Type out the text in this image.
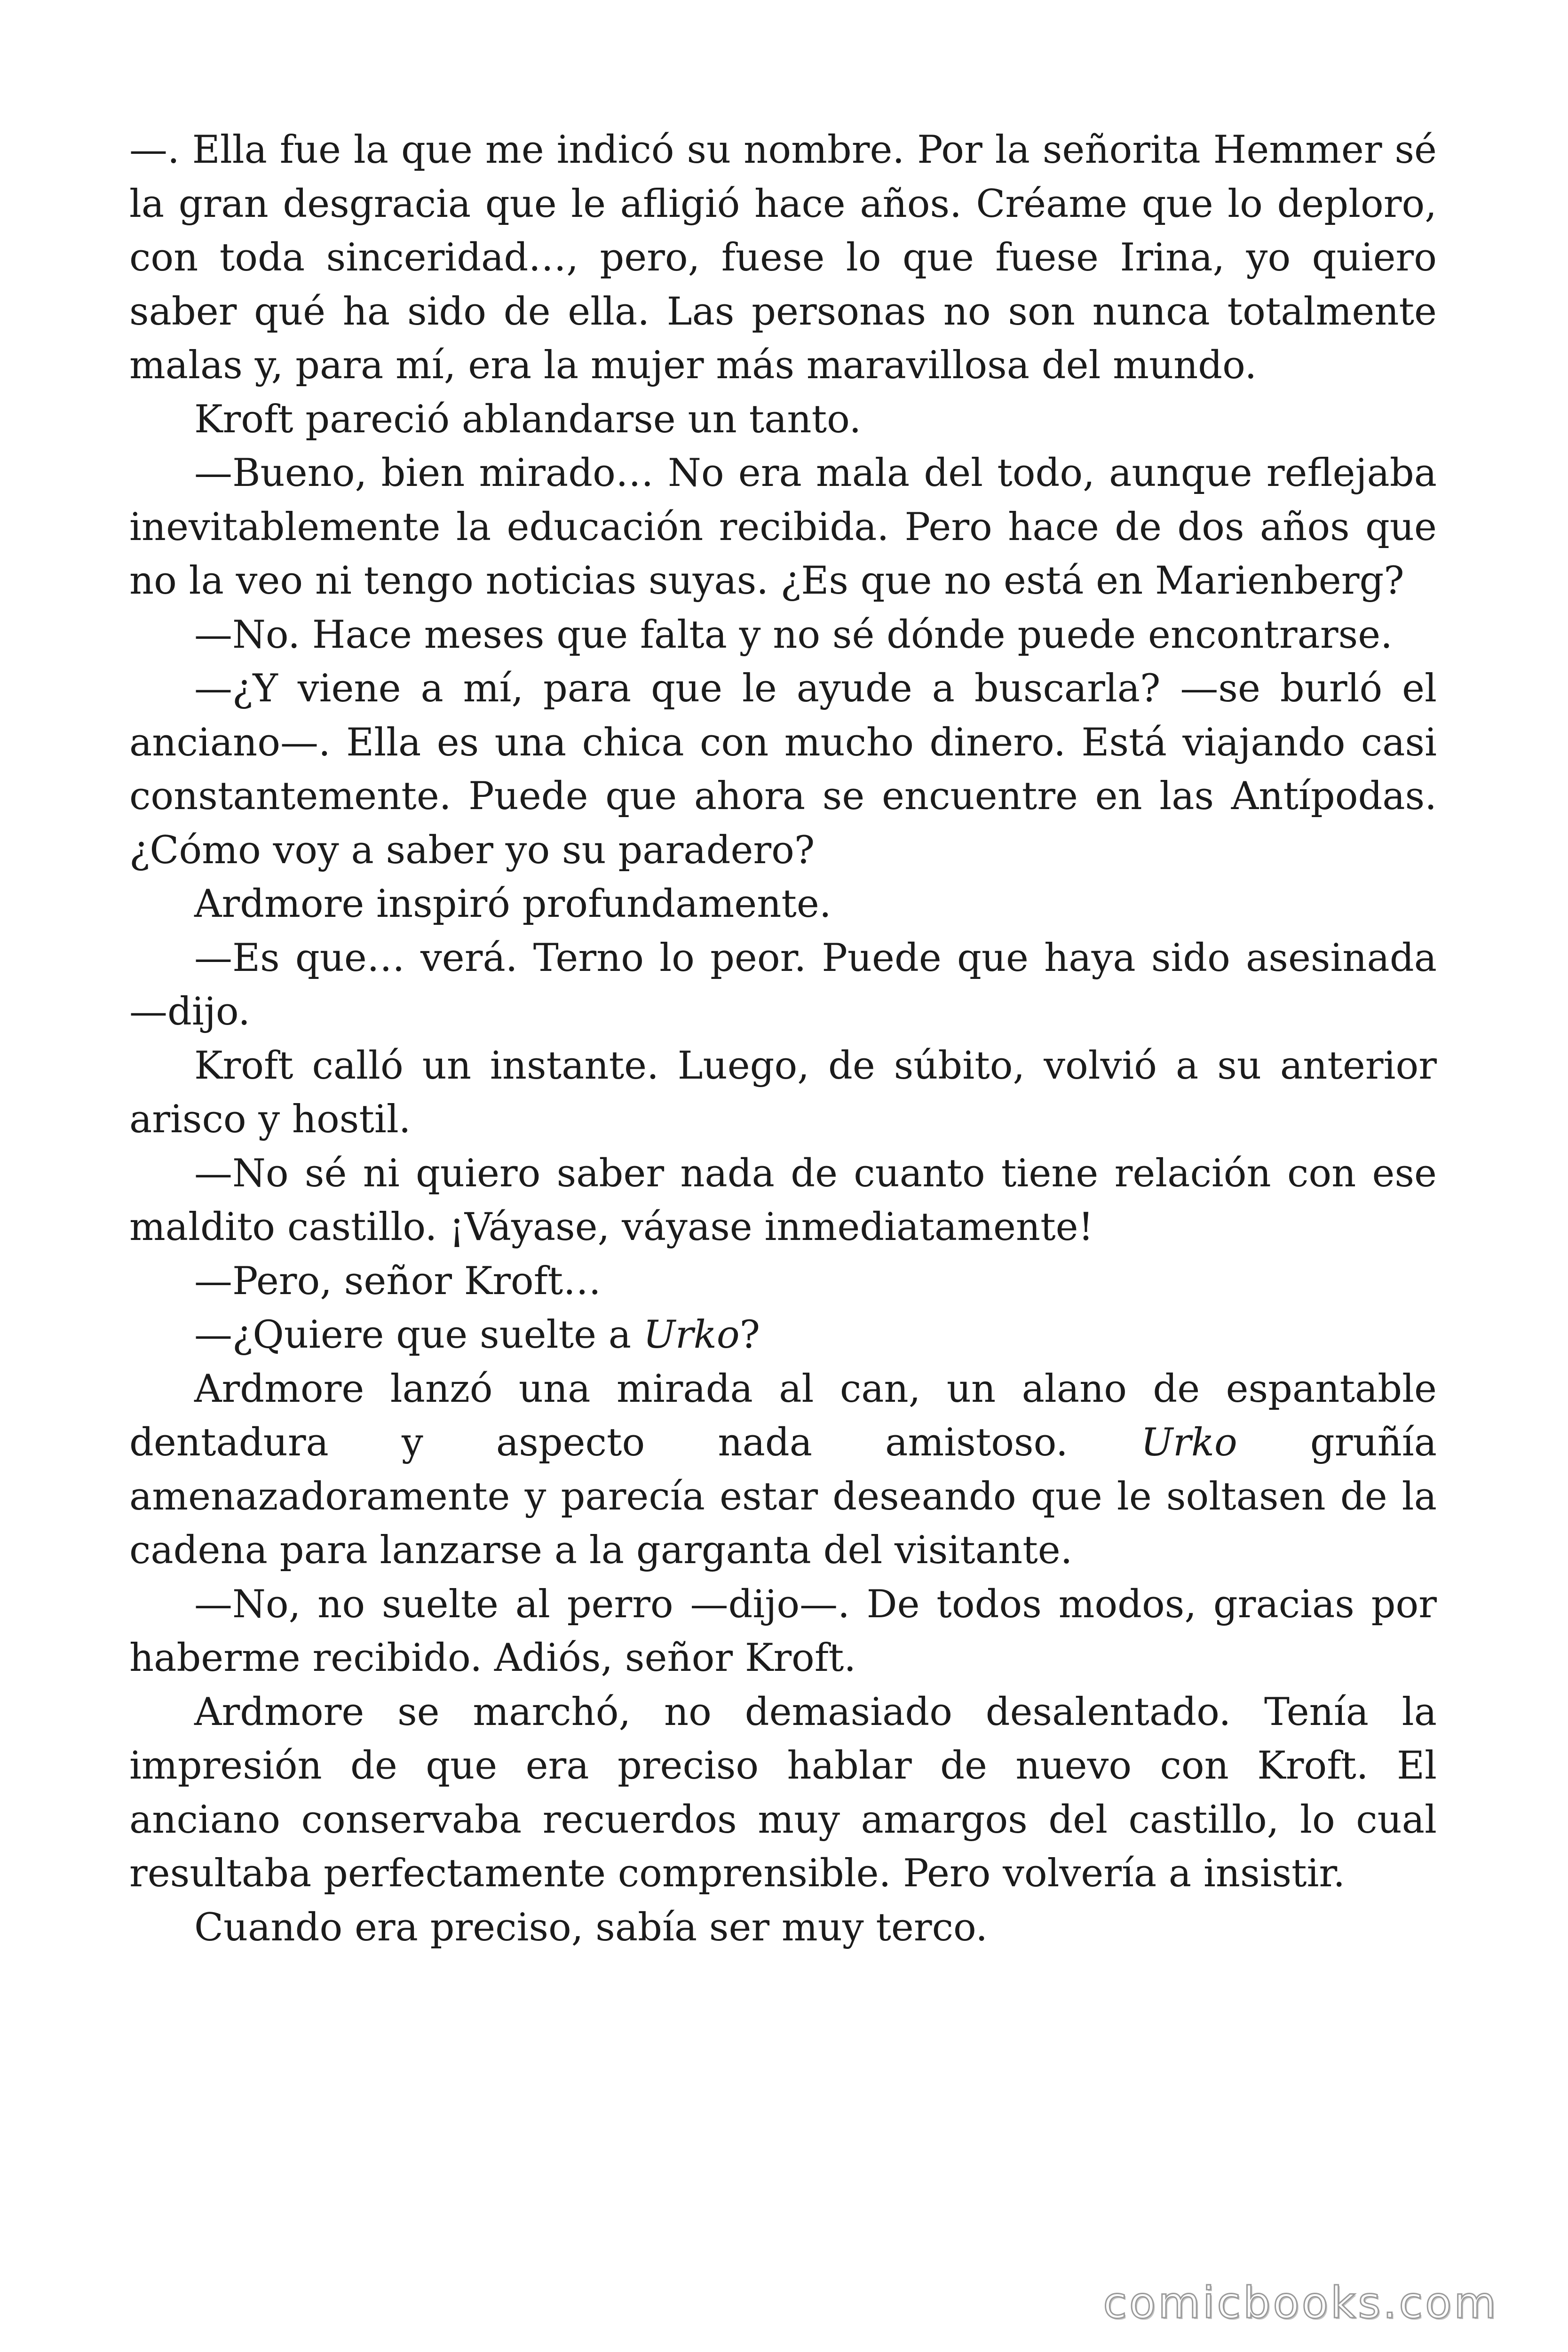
—. Ella fue la que me indicó su nombre. Por la señorita Hemmer sé la gran desgracia que le afligió hace años. Créame que lo deploro, con toda sinceridad…, pero, fuese lo que fuese Irina, yo quiero saber qué ha sido de ella. Las personas no son nunca totalmente malas y, para mí, era la mujer más maravillosa del mundo.

Kroft pareció ablandarse un tanto.

—Bueno, bien mirado… No era mala del todo, aunque reflejaba inevitablemente la educación recibida. Pero hace de dos años que no la veo ni tengo noticias suyas. ¿Es que no está en Marienberg?

—No. Hace meses que falta y no sé dónde puede encontrarse.

—¿Y viene a mí, para que le ayude a buscarla? —se burló el anciano—. Ella es una chica con mucho dinero. Está viajando casi constantemente. Puede que ahora se encuentre en las Antípodas. ¿Cómo voy a saber yo su paradero?

Ardmore inspiró profundamente.

—Es que… verá. Terno lo peor. Puede que haya sido asesinada —dijo.

Kroft calló un instante. Luego, de súbito, volvió a su anterior arisco y hostil.

—No sé ni quiero saber nada de cuanto tiene relación con ese maldito castillo. ¡Váyase, váyase inmediatamente!

—Pero, señor Kroft…

—¿Quiere que suelte a Urko?

Ardmore lanzó una mirada al can, un alano de espantable dentadura y aspecto nada amistoso. Urko gruñía amenazadoramente y parecía estar deseando que le soltasen de la cadena para lanzarse a la garganta del visitante.

—No, no suelte al perro —dijo—. De todos modos, gracias por haberme recibido. Adiós, señor Kroft.

Ardmore se marchó, no demasiado desalentado. Tenía la impresión de que era preciso hablar de nuevo con Kroft. El anciano conservaba recuerdos muy amargos del castillo, lo cual resultaba perfectamente comprensible. Pero volvería a insistir.

Cuando era preciso, sabía ser muy terco.

comicbooks.com
